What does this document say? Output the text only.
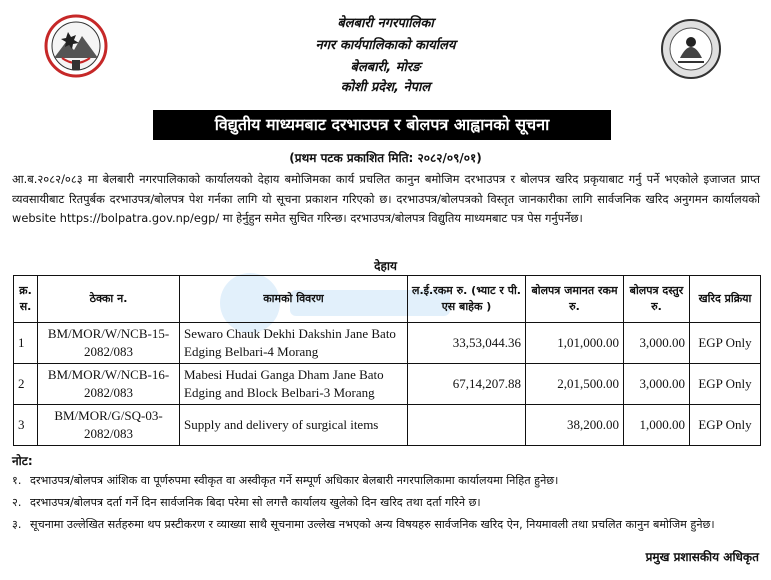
बेलबारी नगरपालिका
नगर कार्यपालिकाको कार्यालय
बेलबारी, मोरङ
कोशी प्रदेश, नेपाल
विद्युतीय माध्यमबाट दरभाउपत्र र बोलपत्र आह्वानको सूचना
(प्रथम पटक प्रकाशित मिति: २०८२/०९/०१)
आ.ब.२०८२/०८३ मा बेलबारी नगरपालिकाको कार्यालयको देहाय बमोजिमका कार्य प्रचलित कानुन बमोजिम दरभाउपत्र र बोलपत्र खरिद प्रकृयाबाट गर्नु पर्ने भएकोले इजाजत प्राप्त व्यवसायीबाट रितपुर्बक दरभाउपत्र/बोलपत्र पेश गर्नका लागि यो सूचना प्रकाशन गरिएको छ। दरभाउपत्र/बोलपत्रको विस्तृत जानकारीका लागि सार्वजनिक खरिद अनुगमन कार्यालयको website https://bolpatra.gov.np/egp/ मा हेर्नुहुन समेत सुचित गरिन्छ। दरभाउपत्र/बोलपत्र विद्युतिय माध्यमबाट पत्र पेस गर्नुपर्नेछ।
देहाय
क्र. स.	ठेक्का न.	कामको विवरण	ल.ई.रकम रु. (भ्याट र पी. एस बाहेक )	बोलपत्र जमानत रकम रु.	बोलपत्र दस्तुर रु.	खरिद प्रक्रिया
1	BM/MOR/W/NCB-15-2082/083	Sewaro Chauk Dekhi Dakshin Jane Bato Edging Belbari-4 Morang	33,53,044.36	1,01,000.00	3,000.00	EGP Only
2	BM/MOR/W/NCB-16-2082/083	Mabesi Hudai Ganga Dham Jane Bato Edging and Block Belbari-3 Morang	67,14,207.88	2,01,500.00	3,000.00	EGP Only
3	BM/MOR/G/SQ-03-2082/083	Supply and delivery of surgical items		38,200.00	1,000.00	EGP Only
नोट:
१. दरभाउपत्र/बोलपत्र आंशिक वा पूर्णरुपमा स्वीकृत वा अस्वीकृत गर्ने सम्पूर्ण अधिकार बेलबारी नगरपालिकामा कार्यालयमा निहित हुनेछ।
२. दरभाउपत्र/बोलपत्र दर्ता गर्ने दिन सार्वजनिक बिदा परेमा सो लगत्तै कार्यालय खुलेको दिन खरिद तथा दर्ता गरिने छ।
३. सूचनामा उल्लेखित सर्तहरुमा थप प्रस्टीकरण र व्याख्या साथै सूचनामा उल्लेख नभएको अन्य विषयहरु सार्वजनिक खरिद ऐन, नियमावली तथा प्रचलित कानुन बमोजिम हुनेछ।
प्रमुख प्रशासकीय अधिकृत
